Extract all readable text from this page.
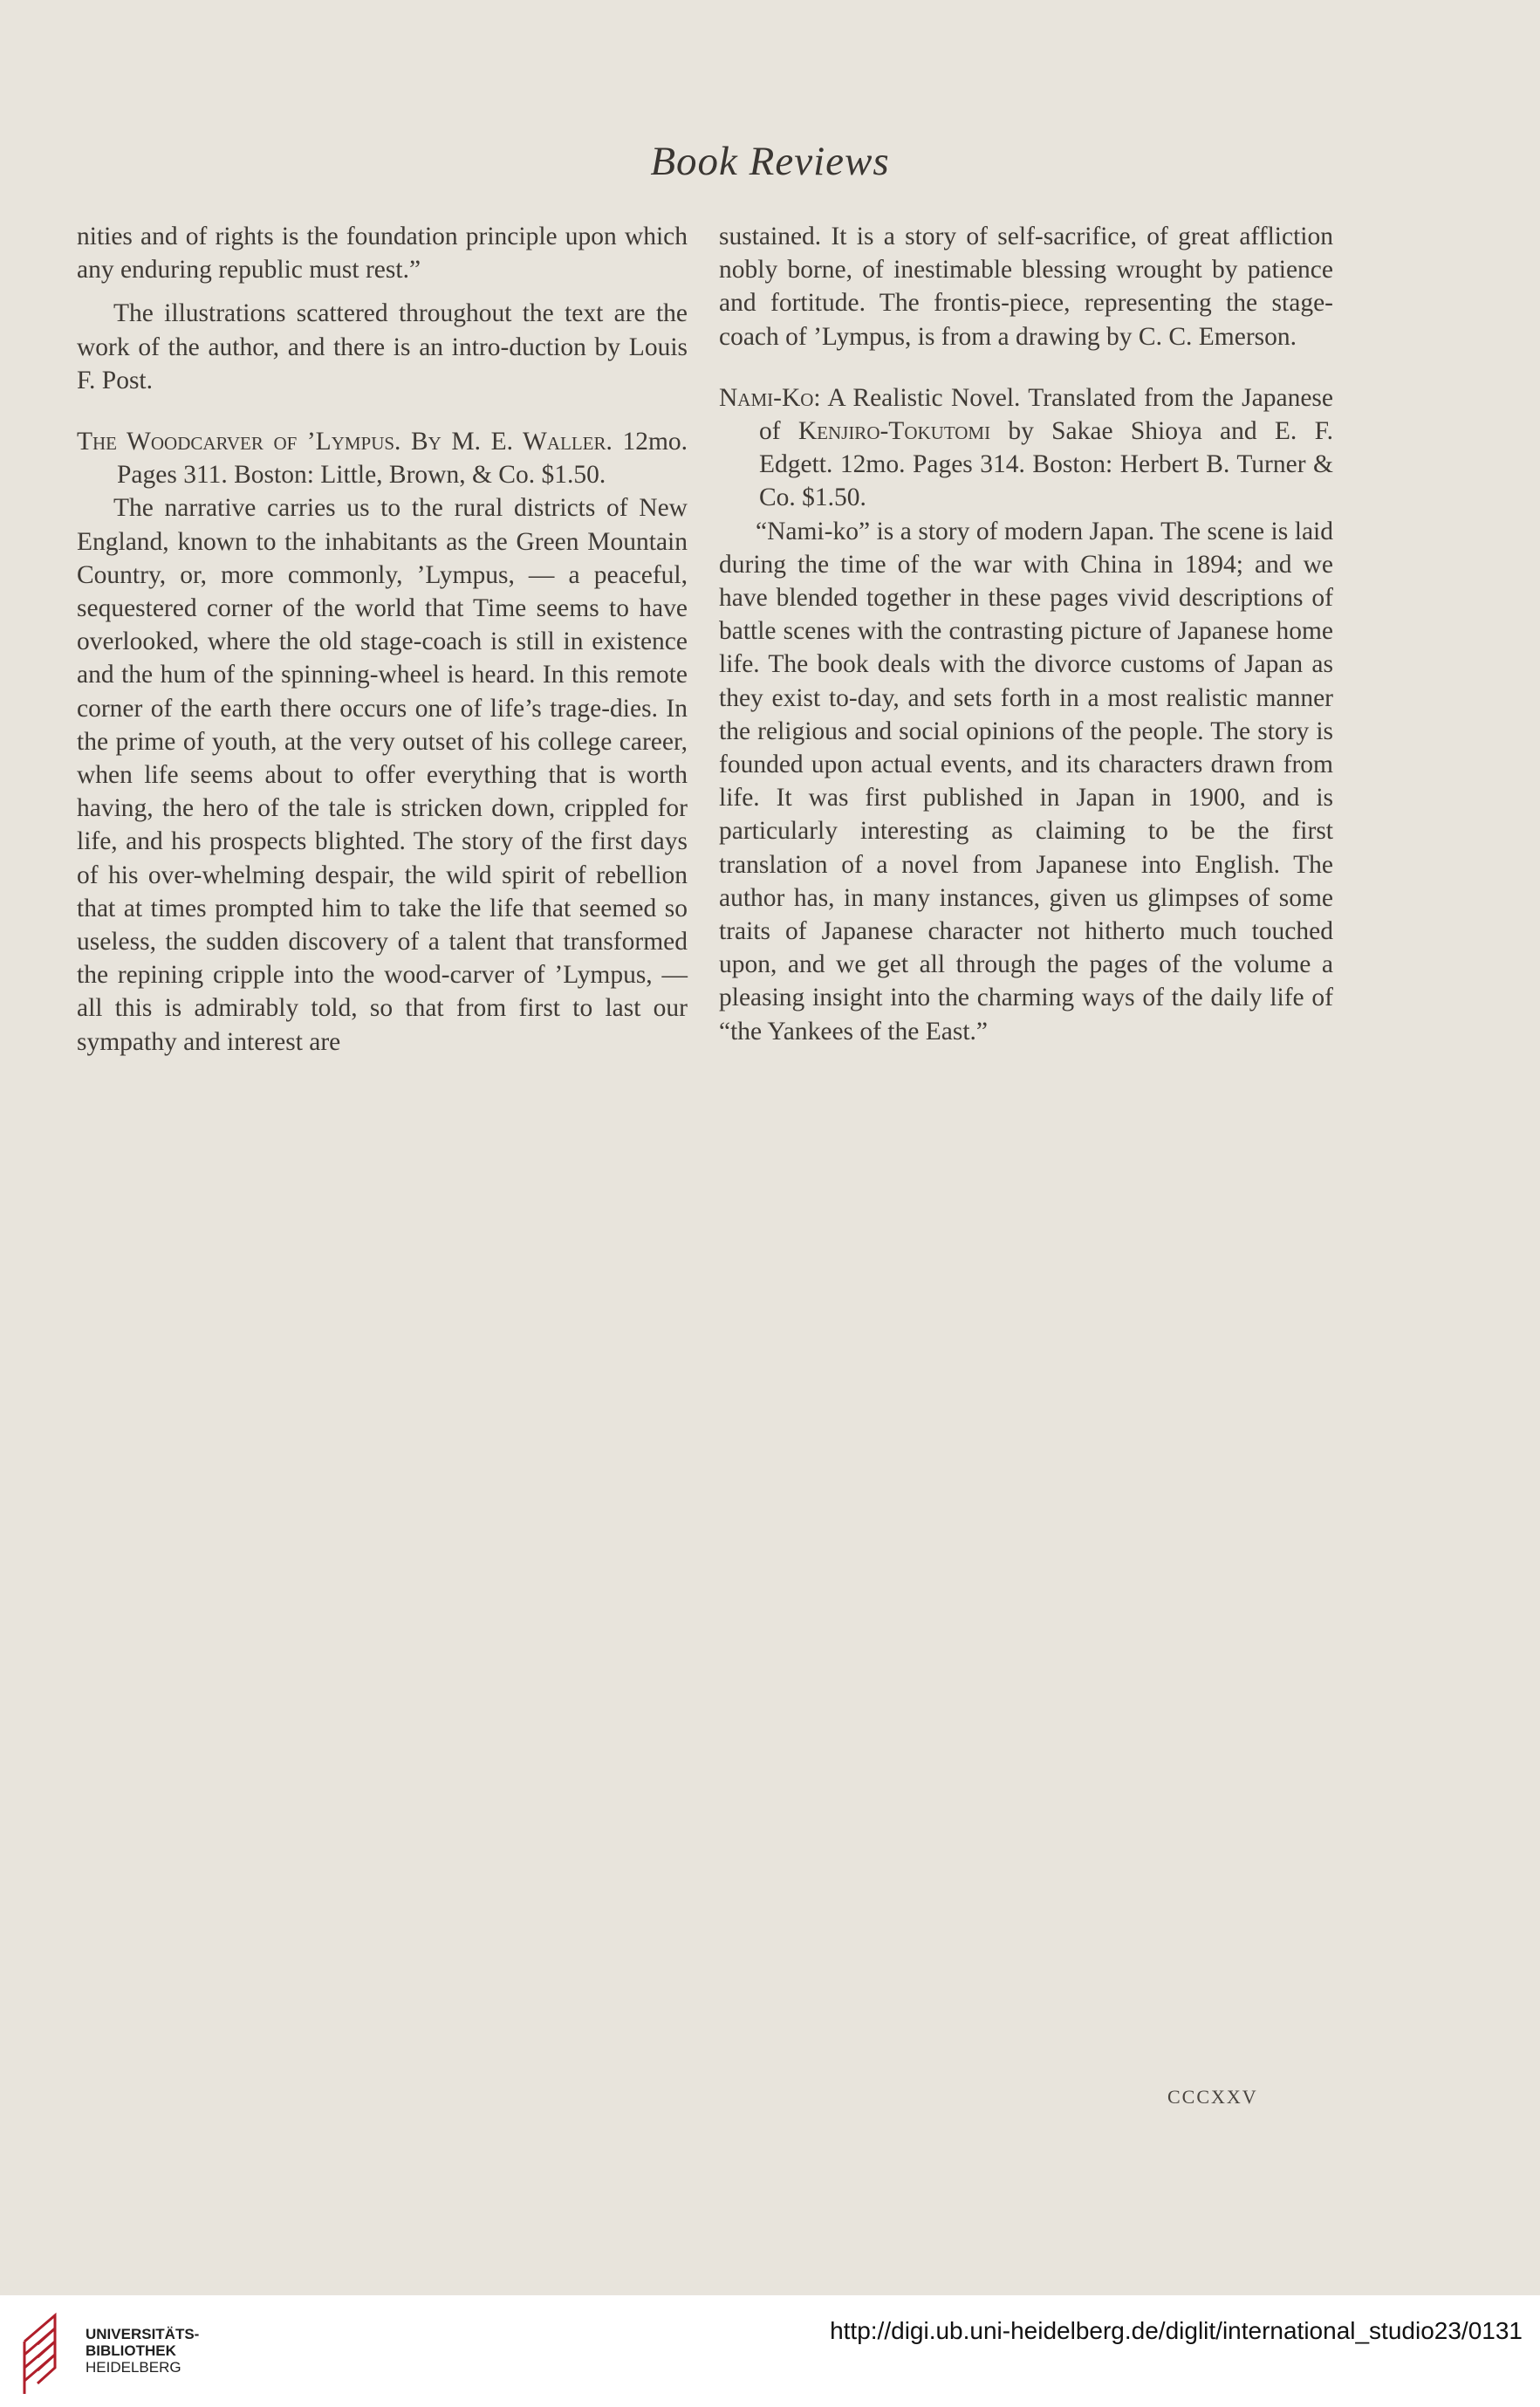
Book Reviews

nities and of rights is the foundation principle upon which any enduring republic must rest.”

The illustrations scattered throughout the text are the work of the author, and there is an intro-duction by Louis F. Post.

The Woodcarver of ’Lympus. By M. E. Waller. 12mo. Pages 311. Boston: Little, Brown, & Co. $1.50.

The narrative carries us to the rural districts of New England, known to the inhabitants as the Green Mountain Country, or, more commonly, ’Lympus, — a peaceful, sequestered corner of the world that Time seems to have overlooked, where the old stage-coach is still in existence and the hum of the spinning-wheel is heard. In this remote corner of the earth there occurs one of life’s trage-dies. In the prime of youth, at the very outset of his college career, when life seems about to offer everything that is worth having, the hero of the tale is stricken down, crippled for life, and his prospects blighted. The story of the first days of his over-whelming despair, the wild spirit of rebellion that at times prompted him to take the life that seemed so useless, the sudden discovery of a talent that transformed the repining cripple into the wood-carver of ’Lympus, — all this is admirably told, so that from first to last our sympathy and interest are

sustained. It is a story of self-sacrifice, of great affliction nobly borne, of inestimable blessing wrought by patience and fortitude. The frontis-piece, representing the stage-coach of ’Lympus, is from a drawing by C. C. Emerson.

Nami-Ko: A Realistic Novel. Translated from the Japanese of Kenjiro-Tokutomi by Sakae Shioya and E. F. Edgett. 12mo. Pages 314. Boston: Herbert B. Turner & Co. $1.50.

“Nami-ko” is a story of modern Japan. The scene is laid during the time of the war with China in 1894; and we have blended together in these pages vivid descriptions of battle scenes with the contrasting picture of Japanese home life. The book deals with the divorce customs of Japan as they exist to-day, and sets forth in a most realistic manner the religious and social opinions of the people. The story is founded upon actual events, and its characters drawn from life. It was first published in Japan in 1900, and is particularly interesting as claiming to be the first translation of a novel from Japanese into English. The author has, in many instances, given us glimpses of some traits of Japanese character not hitherto much touched upon, and we get all through the pages of the volume a pleasing insight into the charming ways of the daily life of “the Yankees of the East.”

CCCXXV
UNIVERSITÄTS-
BIBLIOTHEK
HEIDELBERG
http://digi.ub.uni-heidelberg.de/diglit/international_studio23/0131
